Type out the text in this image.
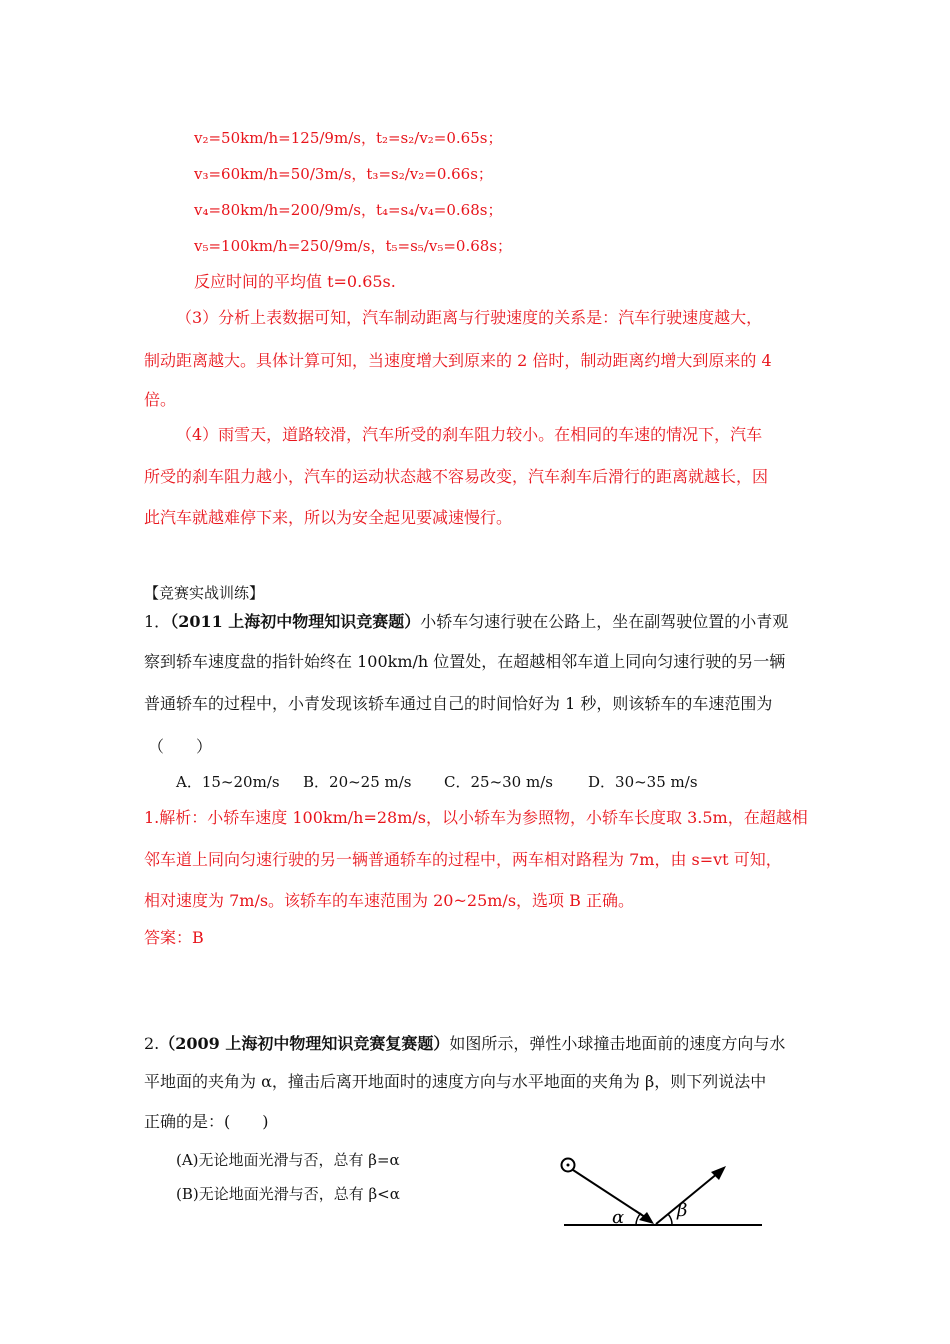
v₂=50km/h=125/9m/s，t₂=s₂/v₂=0.65s；
v₃=60km/h=50/3m/s，t₃=s₂/v₂=0.66s；
v₄=80km/h=200/9m/s，t₄=s₄/v₄=0.68s；
v₅=100km/h=250/9m/s，t₅=s₅/v₅=0.68s；
反应时间的平均值 t=0.65s.
（3）分析上表数据可知，汽车制动距离与行驶速度的关系是：汽车行驶速度越大，
制动距离越大。具体计算可知，当速度增大到原来的 2 倍时，制动距离约增大到原来的 4
倍。
（4）雨雪天，道路较滑，汽车所受的刹车阻力较小。在相同的车速的情况下，汽车
所受的刹车阻力越小，汽车的运动状态越不容易改变，汽车刹车后滑行的距离就越长，因
此汽车就越难停下来，所以为安全起见要减速慢行。
【竞赛实战训练】
1．（2011 上海初中物理知识竞赛题）小轿车匀速行驶在公路上，坐在副驾驶位置的小青观
察到轿车速度盘的指针始终在 100km/h 位置处，在超越相邻车道上同向匀速行驶的另一辆
普通轿车的过程中，小青发现该轿车通过自己的时间恰好为 1 秒，则该轿车的车速范围为
（　　）
A．15~20m/s B．20~25 m/s C．25~30 m/s D．30~35 m/s
1.解析：小轿车速度 100km/h=28m/s，以小轿车为参照物，小轿车长度取 3.5m，在超越相
邻车道上同向匀速行驶的另一辆普通轿车的过程中，两车相对路程为 7m，由 s=vt 可知，
相对速度为 7m/s。该轿车的车速范围为 20~25m/s，选项 B 正确。
答案：B
2.（2009 上海初中物理知识竞赛复赛题）如图所示，弹性小球撞击地面前的速度方向与水
平地面的夹角为 α，撞击后离开地面时的速度方向与水平地面的夹角为 β，则下列说法中
正确的是：(　　)
(A)无论地面光滑与否，总有 β=α
(B)无论地面光滑与否，总有 β<α
α	β
